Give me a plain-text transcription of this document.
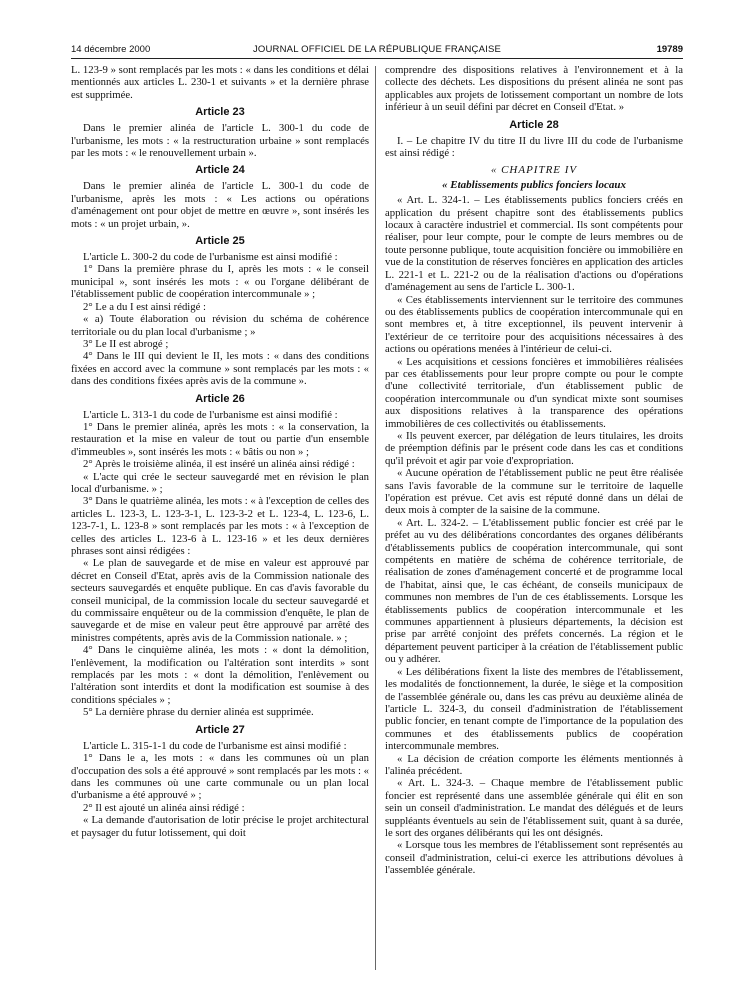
14 décembre 2000	JOURNAL OFFICIEL DE LA RÉPUBLIQUE FRANÇAISE	19789

L. 123-9 » sont remplacés par les mots : « dans les conditions et délai mentionnés aux articles L. 230-1 et suivants » et la dernière phrase est supprimée.

Article 23

Dans le premier alinéa de l'article L. 300-1 du code de l'urbanisme, les mots : « la restructuration urbaine » sont remplacés par les mots : « le renouvellement urbain ».

Article 24

Dans le premier alinéa de l'article L. 300-1 du code de l'urbanisme, après les mots : « Les actions ou opérations d'aménagement ont pour objet de mettre en œuvre », sont insérés les mots : « un projet urbain, ».

Article 25

L'article L. 300-2 du code de l'urbanisme est ainsi modifié :

1° Dans la première phrase du I, après les mots : « le conseil municipal », sont insérés les mots : « ou l'organe délibérant de l'établissement public de coopération intercommunale » ;

2° Le a du I est ainsi rédigé :

« a) Toute élaboration ou révision du schéma de cohérence territoriale ou du plan local d'urbanisme ; »

3° Le II est abrogé ;

4° Dans le III qui devient le II, les mots : « dans des conditions fixées en accord avec la commune » sont remplacés par les mots : « dans des conditions fixées après avis de la commune ».

Article 26

L'article L. 313-1 du code de l'urbanisme est ainsi modifié :

1° Dans le premier alinéa, après les mots : « la conservation, la restauration et la mise en valeur de tout ou partie d'un ensemble d'immeubles », sont insérés les mots : « bâtis ou non » ;

2° Après le troisième alinéa, il est inséré un alinéa ainsi rédigé :

« L'acte qui crée le secteur sauvegardé met en révision le plan local d'urbanisme. » ;

3° Dans le quatrième alinéa, les mots : « à l'exception de celles des articles L. 123-3, L. 123-3-1, L. 123-3-2 et L. 123-4, L. 123-6, L. 123-7-1, L. 123-8 » sont remplacés par les mots : « à l'exception de celles des articles L. 123-6 à L. 123-16 » et les deux dernières phrases sont ainsi rédigées :

« Le plan de sauvegarde et de mise en valeur est approuvé par décret en Conseil d'Etat, après avis de la Commission nationale des secteurs sauvegardés et enquête publique. En cas d'avis favorable du conseil municipal, de la commission locale du secteur sauvegardé et du commissaire enquêteur ou de la commission d'enquête, le plan de sauvegarde et de mise en valeur peut être approuvé par arrêté des ministres compétents, après avis de la Commission nationale. » ;

4° Dans le cinquième alinéa, les mots : « dont la démolition, l'enlèvement, la modification ou l'altération sont interdits » sont remplacés par les mots : « dont la démolition, l'enlèvement ou l'altération sont interdits et dont la modification est soumise à des conditions spéciales » ;

5° La dernière phrase du dernier alinéa est supprimée.

Article 27

L'article L. 315-1-1 du code de l'urbanisme est ainsi modifié :

1° Dans le a, les mots : « dans les communes où un plan d'occupation des sols a été approuvé » sont remplacés par les mots : « dans les communes où une carte communale ou un plan local d'urbanisme a été approuvé » ;

2° Il est ajouté un alinéa ainsi rédigé :

« La demande d'autorisation de lotir précise le projet architectural et paysager du futur lotissement, qui doit

comprendre des dispositions relatives à l'environnement et à la collecte des déchets. Les dispositions du présent alinéa ne sont pas applicables aux projets de lotissement comportant un nombre de lots inférieur à un seuil défini par décret en Conseil d'Etat. »

Article 28

I. – Le chapitre IV du titre II du livre III du code de l'urbanisme est ainsi rédigé :

« CHAPITRE IV
« Etablissements publics fonciers locaux

« Art. L. 324-1. – Les établissements publics fonciers créés en application du présent chapitre sont des établissements publics locaux à caractère industriel et commercial. Ils sont compétents pour réaliser, pour leur compte, pour le compte de leurs membres ou de toute personne publique, toute acquisition foncière ou immobilière en vue de la constitution de réserves foncières en application des articles L. 221-1 et L. 221-2 ou de la réalisation d'actions ou d'opérations d'aménagement au sens de l'article L. 300-1.

« Ces établissements interviennent sur le territoire des communes ou des établissements publics de coopération intercommunale qui en sont membres et, à titre exceptionnel, ils peuvent intervenir à l'extérieur de ce territoire pour des acquisitions nécessaires à des actions ou opérations menées à l'intérieur de celui-ci.

« Les acquisitions et cessions foncières et immobilières réalisées par ces établissements pour leur propre compte ou pour le compte d'une collectivité territoriale, d'un établissement public de coopération intercommunale ou d'un syndicat mixte sont soumises aux dispositions relatives à la transparence des opérations immobilières de ces collectivités ou établissements.

« Ils peuvent exercer, par délégation de leurs titulaires, les droits de préemption définis par le présent code dans les cas et conditions qu'il prévoit et agir par voie d'expropriation.

« Aucune opération de l'établissement public ne peut être réalisée sans l'avis favorable de la commune sur le territoire de laquelle l'opération est prévue. Cet avis est réputé donné dans un délai de deux mois à compter de la saisine de la commune.

« Art. L. 324-2. – L'établissement public foncier est créé par le préfet au vu des délibérations concordantes des organes délibérants d'établissements publics de coopération intercommunale, qui sont compétents en matière de schéma de cohérence territoriale, de réalisation de zones d'aménagement concerté et de programme local de l'habitat, ainsi que, le cas échéant, de conseils municipaux de communes non membres de l'un de ces établissements. Lorsque les établissements publics de coopération intercommunale et les communes appartiennent à plusieurs départements, la décision est prise par arrêté conjoint des préfets concernés. La région et le département peuvent participer à la création de l'établissement public ou y adhérer.

« Les délibérations fixent la liste des membres de l'établissement, les modalités de fonctionnement, la durée, le siège et la composition de l'assemblée générale ou, dans les cas prévu au deuxième alinéa de l'article L. 324-3, du conseil d'administration de l'établissement public foncier, en tenant compte de l'importance de la population des communes et des établissements publics de coopération intercommunale membres.

« La décision de création comporte les éléments mentionnés à l'alinéa précédent.

« Art. L. 324-3. – Chaque membre de l'établissement public foncier est représenté dans une assemblée générale qui élit en son sein un conseil d'administration. Le mandat des délégués et de leurs suppléants éventuels au sein de l'établissement suit, quant à sa durée, le sort des organes délibérants qui les ont désignés.

« Lorsque tous les membres de l'établissement sont représentés au conseil d'administration, celui-ci exerce les attributions dévolues à l'assemblée générale.
